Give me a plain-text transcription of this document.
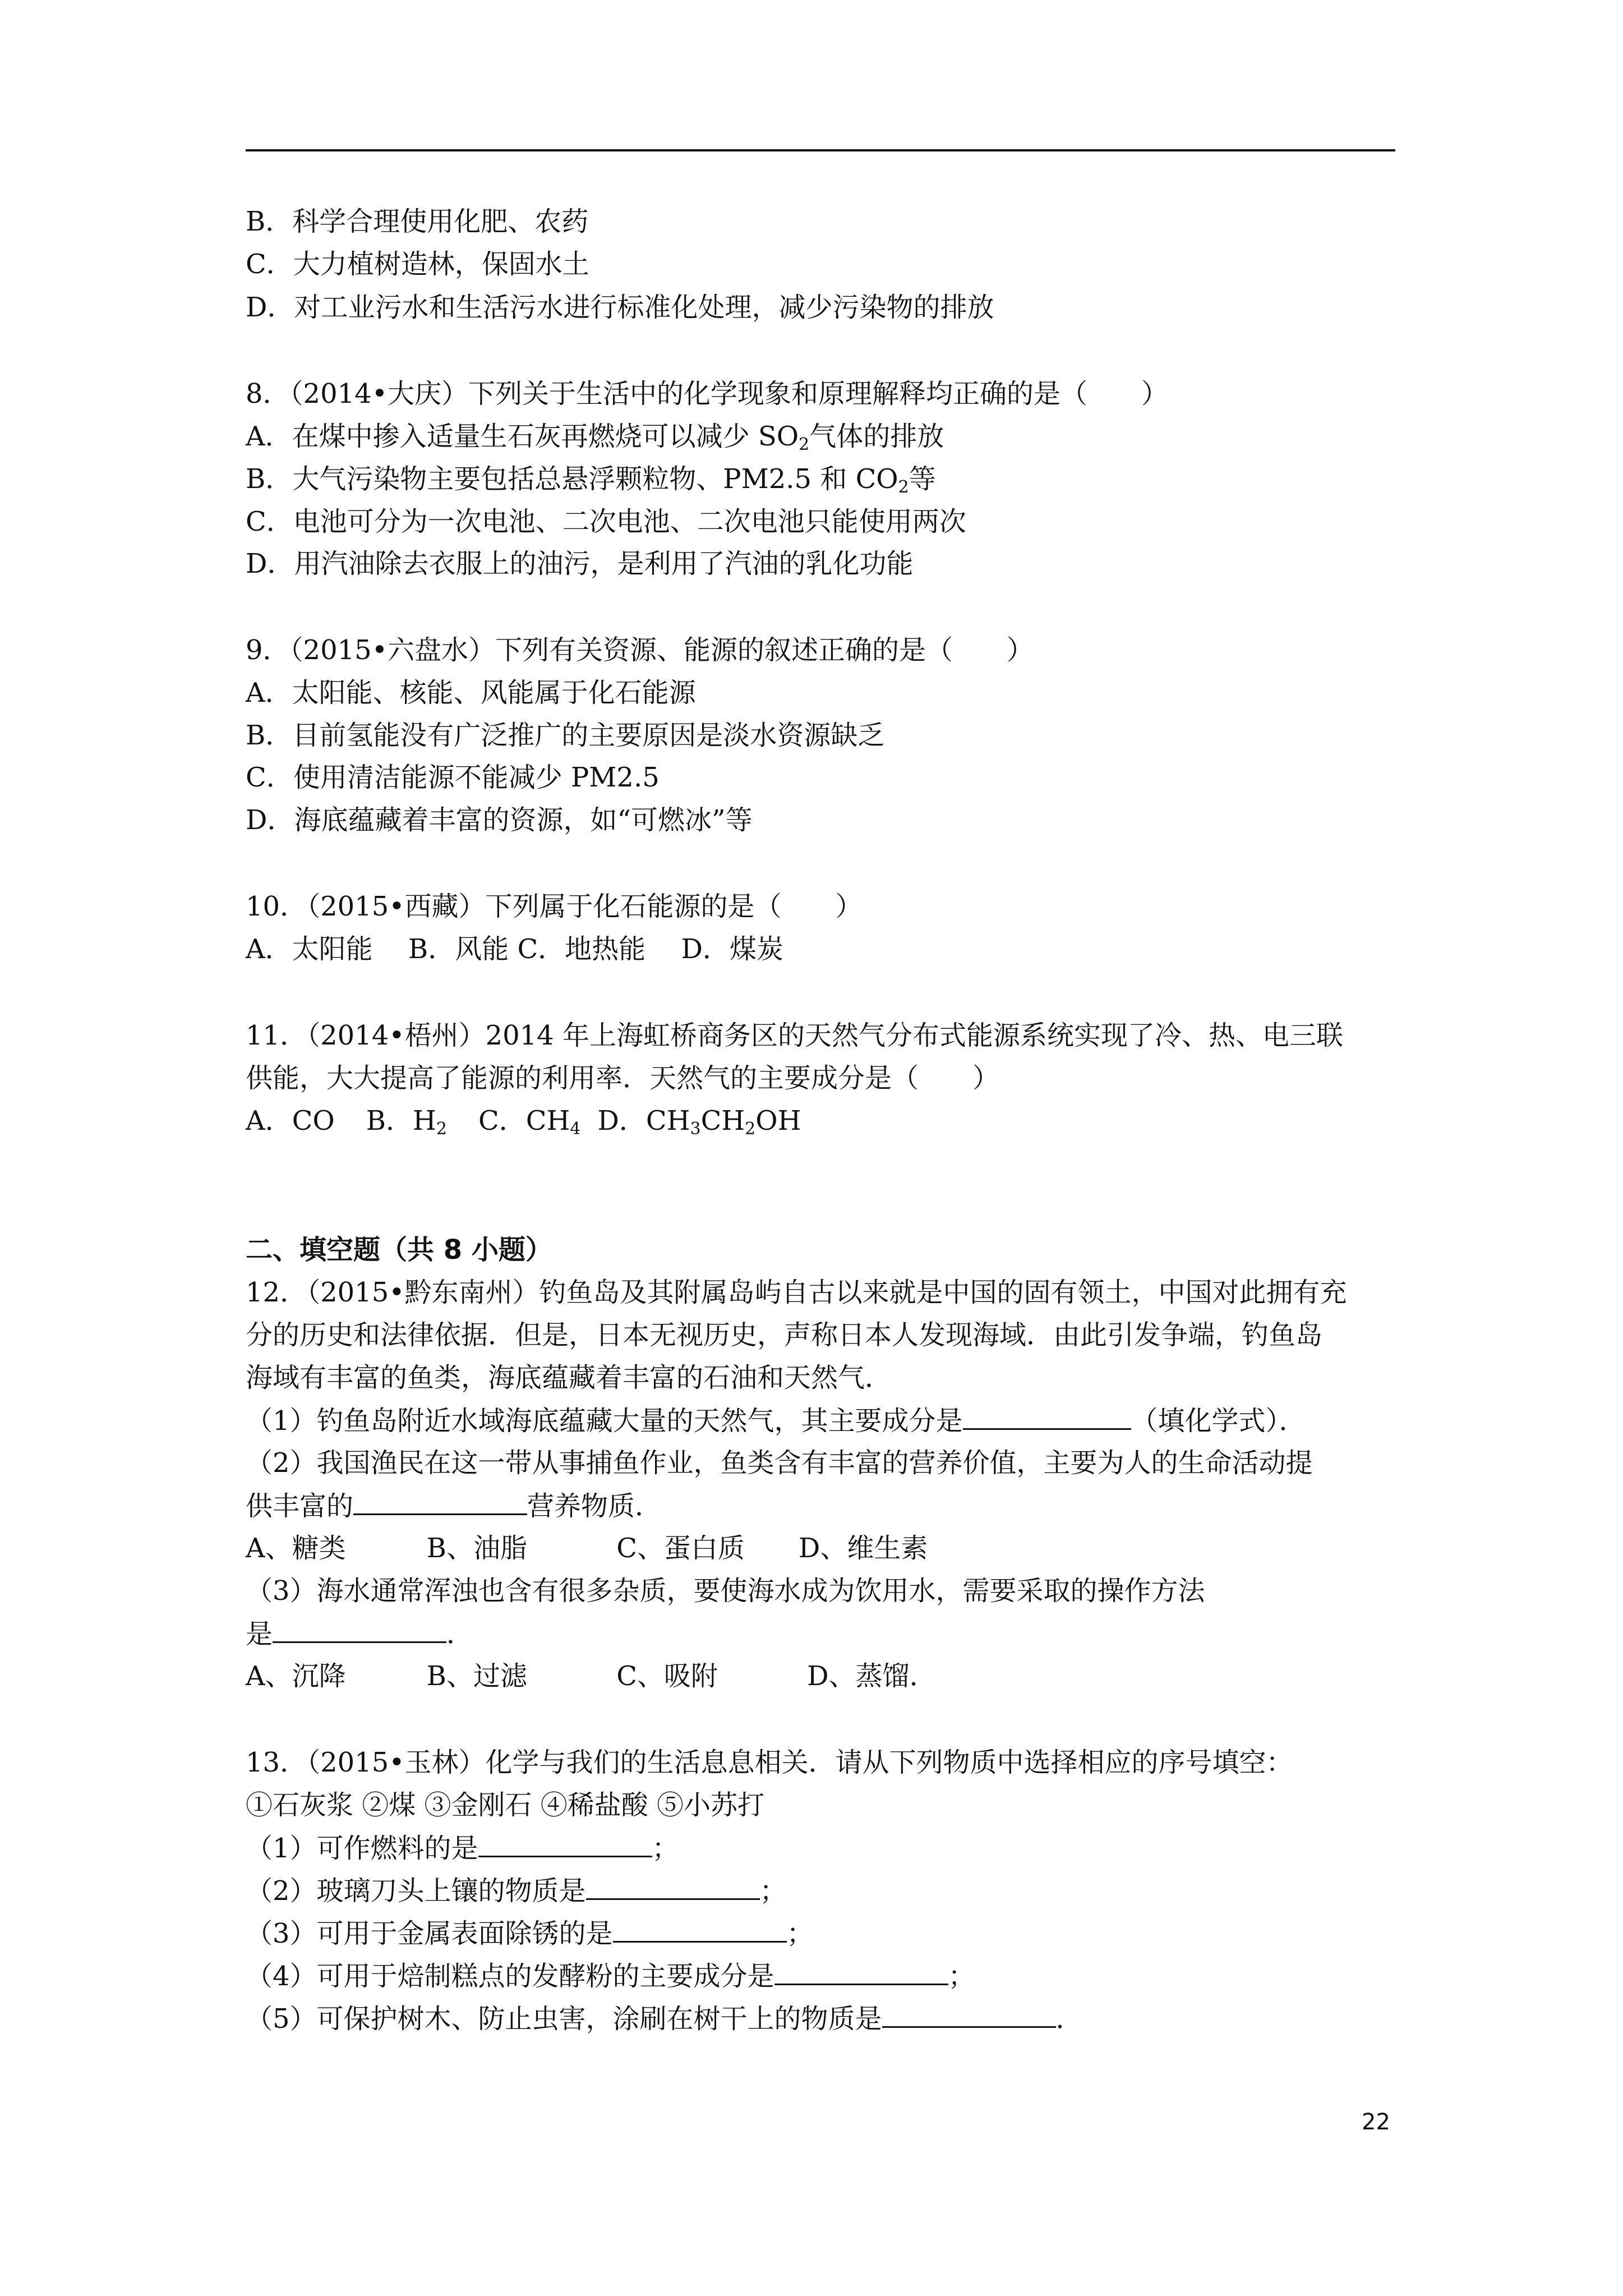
B．科学合理使用化肥、农药
C．大力植树造林，保固水土
D．对工业污水和生活污水进行标准化处理，减少污染物的排放
8．（2014•大庆）下列关于生活中的化学现象和原理解释均正确的是（　　）
A．在煤中掺入适量生石灰再燃烧可以减少 $SO_2$气体的排放
B．大气污染物主要包括总悬浮颗粒物、PM2.5 和 $CO_2$等
C．电池可分为一次电池、二次电池、二次电池只能使用两次
D．用汽油除去衣服上的油污，是利用了汽油的乳化功能
9．（2015•六盘水）下列有关资源、能源的叙述正确的是（　　）
A．太阳能、核能、风能属于化石能源
B．目前氢能没有广泛推广的主要原因是淡水资源缺乏
C．使用清洁能源不能减少 PM2.5
D．海底蕴藏着丰富的资源，如“可燃冰”等
10．（2015•西藏）下列属于化石能源的是（　　）
A．太阳能　 B．风能 C．地热能　 D．煤炭
11．（2014•梧州）2014 年上海虹桥商务区的天然气分布式能源系统实现了冷、热、电三联
供能，大大提高了能源的利用率．天然气的主要成分是（　　）
A．CO B．$H_2$ C．$CH_4$ D．$CH_3CH_2OH$
二、填空题（共 8 小题）
12．（2015•黔东南州）钓鱼岛及其附属岛屿自古以来就是中国的固有领土，中国对此拥有充
分的历史和法律依据．但是，日本无视历史，声称日本人发现海域．由此引发争端，钓鱼岛
海域有丰富的鱼类，海底蕴藏着丰富的石油和天然气．
（1）钓鱼岛附近水域海底蕴藏大量的天然气，其主要成分是	（填化学式）．
（2）我国渔民在这一带从事捕鱼作业，鱼类含有丰富的营养价值，主要为人的生命活动提
供丰富的	营养物质．
A、糖类　　　B、油脂　　　 C、蛋白质　　D、维生素
（3）海水通常浑浊也含有很多杂质，要使海水成为饮用水，需要采取的操作方法
是	．
A、沉降　　　B、过滤　　　 C、吸附　　　 D、蒸馏．
13．（2015•玉林）化学与我们的生活息息相关．请从下列物质中选择相应的序号填空：
①石灰浆 ②煤 ③金刚石 ④稀盐酸 ⑤小苏打
（1）可作燃料的是	；
（2）玻璃刀头上镶的物质是	；
（3）可用于金属表面除锈的是	；
（4）可用于焙制糕点的发酵粉的主要成分是	；
（5）可保护树木、防止虫害，涂刷在树干上的物质是	．
22
